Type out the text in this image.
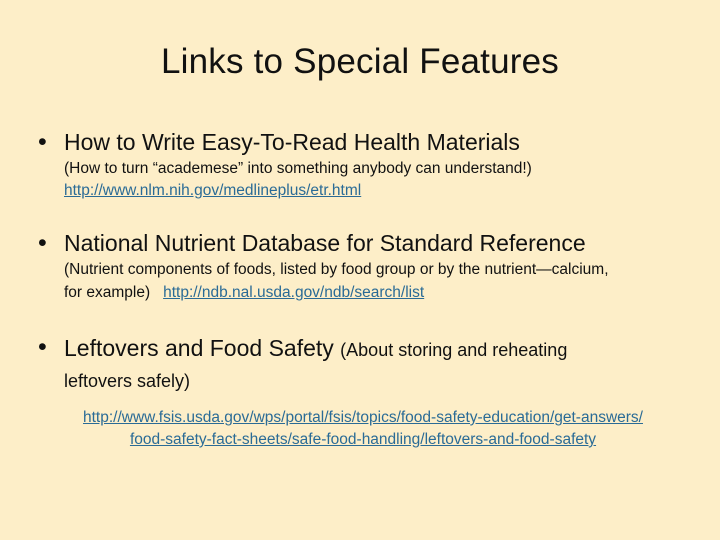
Links to Special Features
• How to Write Easy-To-Read Health Materials
(How to turn “academese” into something anybody can understand!)
http://www.nlm.nih.gov/medlineplus/etr.html
• National Nutrient Database for Standard Reference
(Nutrient components of foods, listed by food group or by the nutrient—calcium,
for example) http://ndb.nal.usda.gov/ndb/search/list
• Leftovers and Food Safety (About storing and reheating
leftovers safely)
http://www.fsis.usda.gov/wps/portal/fsis/topics/food-safety-education/get-answers/
food-safety-fact-sheets/safe-food-handling/leftovers-and-food-safety
